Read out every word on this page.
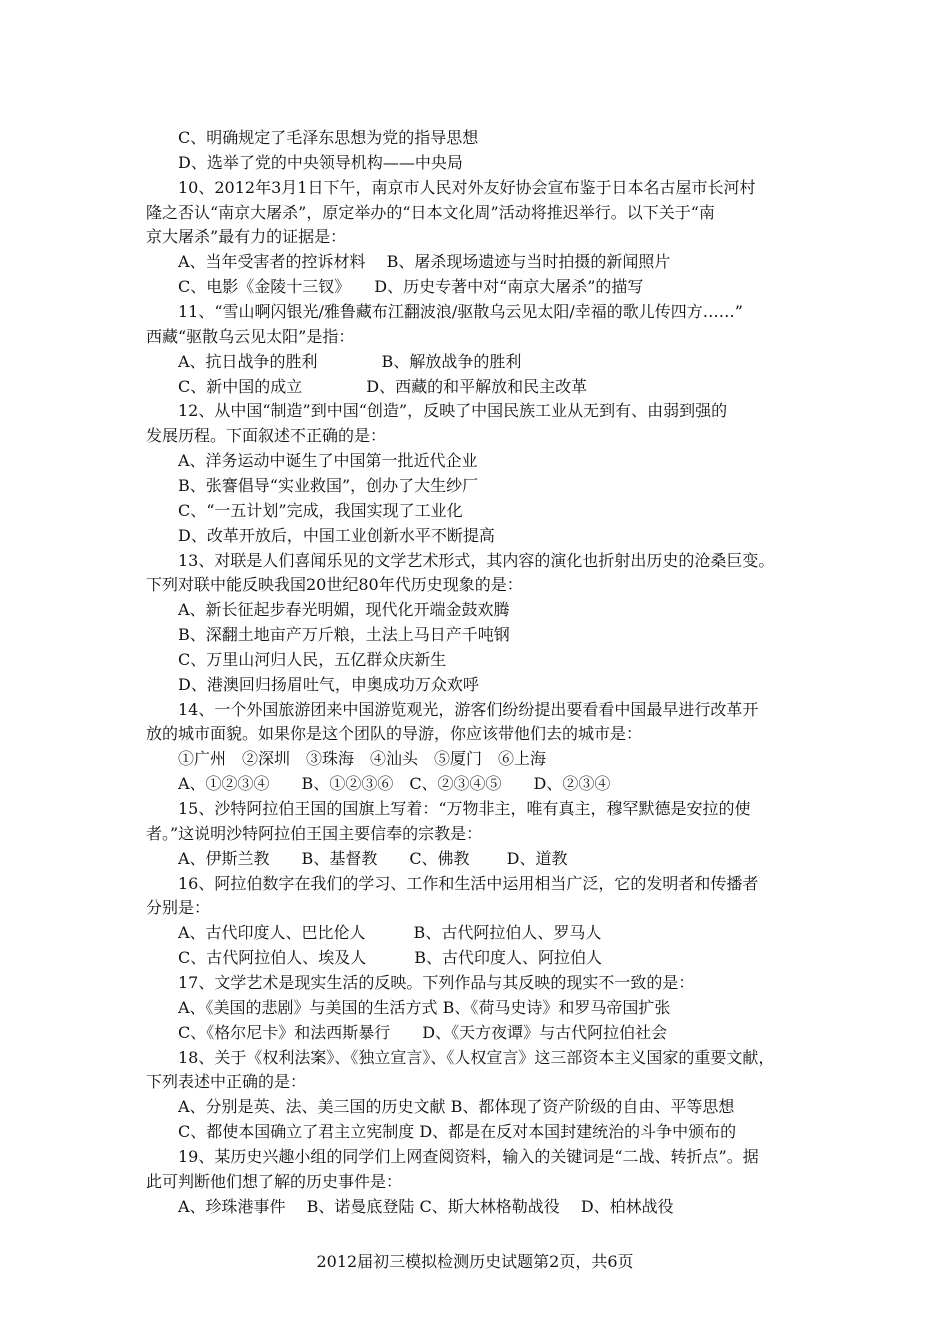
C、明确规定了毛泽东思想为党的指导思想
D、选举了党的中央领导机构——中央局
10、2012年3月1日下午，南京市人民对外友好协会宣布鉴于日本名古屋市长河村
隆之否认“南京大屠杀”，原定举办的“日本文化周”活动将推迟举行。以下关于“南
京大屠杀”最有力的证据是：
A、当年受害者的控诉材料　 B、屠杀现场遗迹与当时拍摄的新闻照片
C、电影《金陵十三钗》　　D、历史专著中对“南京大屠杀”的描写
11、“雪山啊闪银光/雅鲁藏布江翻波浪/驱散乌云见太阳/幸福的歌儿传四方……”
西藏“驱散乌云见太阳”是指：
A、抗日战争的胜利　　　　B、解放战争的胜利
C、新中国的成立　　　　D、西藏的和平解放和民主改革
12、从中国“制造”到中国“创造”，反映了中国民族工业从无到有、由弱到强的
发展历程。下面叙述不正确的是：
A、洋务运动中诞生了中国第一批近代企业
B、张謇倡导“实业救国”，创办了大生纱厂
C、“一五计划”完成，我国实现了工业化
D、改革开放后，中国工业创新水平不断提高
13、对联是人们喜闻乐见的文学艺术形式，其内容的演化也折射出历史的沧桑巨变。
下列对联中能反映我国20世纪80年代历史现象的是：
A、新长征起步春光明媚，现代化开端金鼓欢腾
B、深翻土地亩产万斤粮，土法上马日产千吨钢
C、万里山河归人民，五亿群众庆新生
D、港澳回归扬眉吐气，申奥成功万众欢呼
14、一个外国旅游团来中国游览观光，游客们纷纷提出要看看中国最早进行改革开
放的城市面貌。如果你是这个团队的导游，你应该带他们去的城市是：
①广州　②深圳　③珠海　④汕头　⑤厦门　⑥上海
A、①②③④　　B、①②③⑥　C、②③④⑤　　D、②③④
15、沙特阿拉伯王国的国旗上写着：“万物非主，唯有真主，穆罕默德是安拉的使
者。”这说明沙特阿拉伯王国主要信奉的宗教是：
A、伊斯兰教　　B、基督教　　C、佛教　　 D、道教
16、阿拉伯数字在我们的学习、工作和生活中运用相当广泛，它的发明者和传播者
分别是：
A、古代印度人、巴比伦人　　　B、古代阿拉伯人、罗马人
C、古代阿拉伯人、埃及人　　　B、古代印度人、阿拉伯人
17、文学艺术是现实生活的反映。下列作品与其反映的现实不一致的是：
A、《美国的悲剧》与美国的生活方式 B、《荷马史诗》和罗马帝国扩张
C、《格尔尼卡》和法西斯暴行　　D、《天方夜谭》与古代阿拉伯社会
18、关于《权利法案》、《独立宣言》、《人权宣言》这三部资本主义国家的重要文献，
下列表述中正确的是：
A、分别是英、法、美三国的历史文献 B、都体现了资产阶级的自由、平等思想
C、都使本国确立了君主立宪制度 D、都是在反对本国封建统治的斗争中颁布的
19、某历史兴趣小组的同学们上网查阅资料，输入的关键词是“二战、转折点”。据
此可判断他们想了解的历史事件是：
A、珍珠港事件　 B、诺曼底登陆 C、斯大林格勒战役　 D、柏林战役
2012届初三模拟检测历史试题第2页，共6页
